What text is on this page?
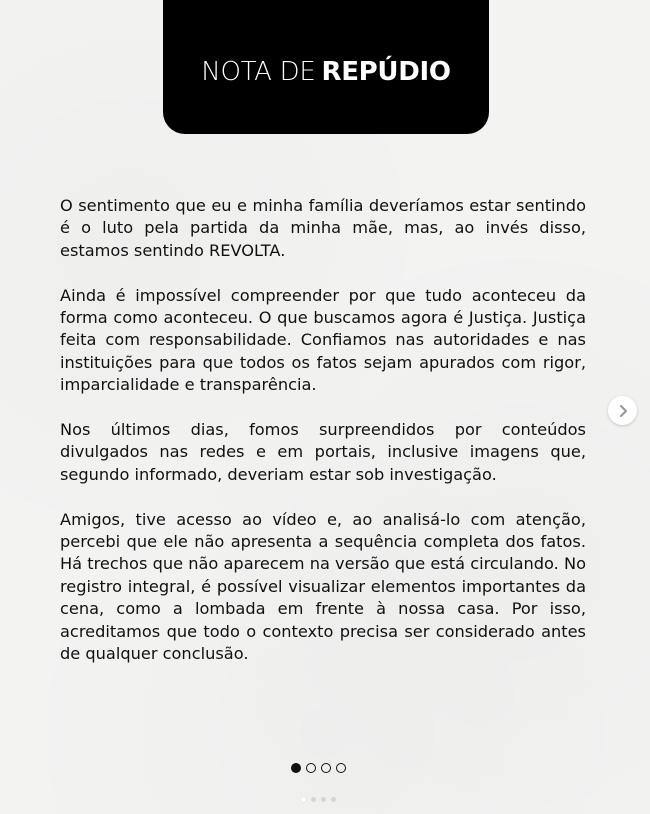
NOTA DE REPÚDIO

O sentimento que eu e minha família deveríamos estar sentindo é o luto pela partida da minha mãe, mas, ao invés disso, estamos sentindo REVOLTA.

Ainda é impossível compreender por que tudo aconteceu da forma como aconteceu. O que buscamos agora é Justiça. Justiça feita com responsabilidade. Confiamos nas autoridades e nas instituições para que todos os fatos sejam apurados com rigor, imparcialidade e transparência.

Nos últimos dias, fomos surpreendidos por conteúdos divulgados nas redes e em portais, inclusive imagens que, segundo informado, deveriam estar sob investigação.

Amigos, tive acesso ao vídeo e, ao analisá-lo com atenção, percebi que ele não apresenta a sequência completa dos fatos. Há trechos que não aparecem na versão que está circulando. No registro integral, é possível visualizar elementos importantes da cena, como a lombada em frente à nossa casa. Por isso, acreditamos que todo o contexto precisa ser considerado antes de qualquer conclusão.
